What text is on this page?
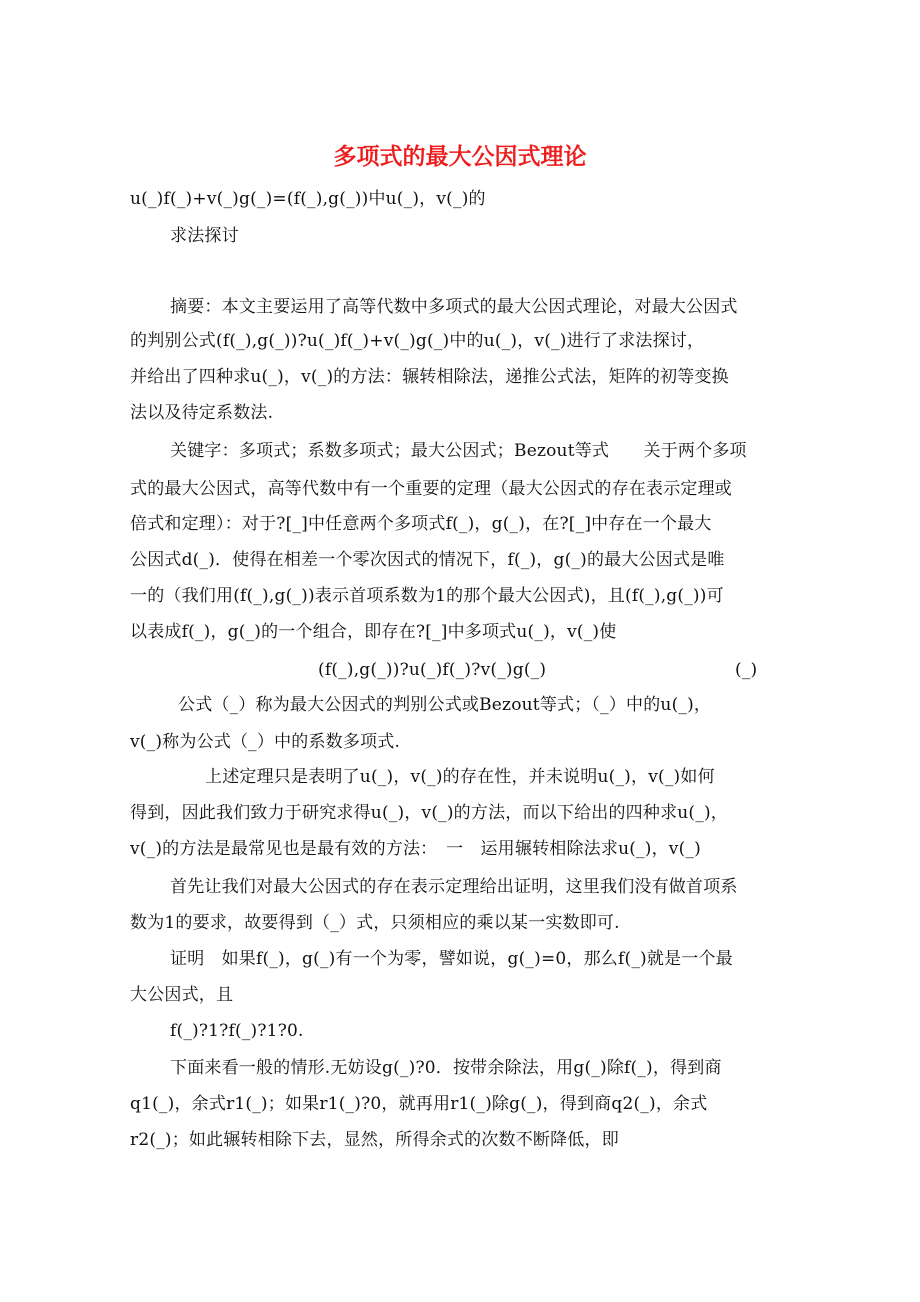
多项式的最大公因式理论
u(_)f(_)+v(_)g(_)=(f(_),g(_))中u(_)，v(_)的
求法探讨
摘要：本文主要运用了高等代数中多项式的最大公因式理论，对最大公因式
的判别公式(f(_),g(_))?u(_)f(_)+v(_)g(_)中的u(_)，v(_)进行了求法探讨，
并给出了四种求u(_)，v(_)的方法：辗转相除法，递推公式法，矩阵的初等变换
法以及待定系数法.
关键字：多项式；系数多项式；最大公因式；Bezout等式　　关于两个多项
式的最大公因式，高等代数中有一个重要的定理（最大公因式的存在表示定理或
倍式和定理）：对于?[_]中任意两个多项式f(_)，g(_)，在?[_]中存在一个最大
公因式d(_)．使得在相差一个零次因式的情况下，f(_)，g(_)的最大公因式是唯
一的（我们用(f(_),g(_))表示首项系数为1的那个最大公因式)，且(f(_),g(_))可
以表成f(_)，g(_)的一个组合，即存在?[_]中多项式u(_)，v(_)使
(f(_),g(_))?u(_)f(_)?v(_)g(_)	(_)
公式（_）称为最大公因式的判别公式或Bezout等式；（_）中的u(_)，
v(_)称为公式（_）中的系数多项式.
上述定理只是表明了u(_)，v(_)的存在性，并未说明u(_)，v(_)如何
得到，因此我们致力于研究求得u(_)，v(_)的方法，而以下给出的四种求u(_)，
v(_)的方法是最常见也是最有效的方法：　一　运用辗转相除法求u(_)，v(_)
首先让我们对最大公因式的存在表示定理给出证明，这里我们没有做首项系
数为1的要求，故要得到（_）式，只须相应的乘以某一实数即可.
证明　如果f(_)，g(_)有一个为零，譬如说，g(_)=0，那么f(_)就是一个最
大公因式，且
f(_)?1?f(_)?1?0.
下面来看一般的情形.无妨设g(_)?0．按带余除法，用g(_)除f(_)，得到商
q1(_)，余式r1(_)；如果r1(_)?0，就再用r1(_)除g(_)，得到商q2(_)，余式
r2(_)；如此辗转相除下去，显然，所得余式的次数不断降低，即
